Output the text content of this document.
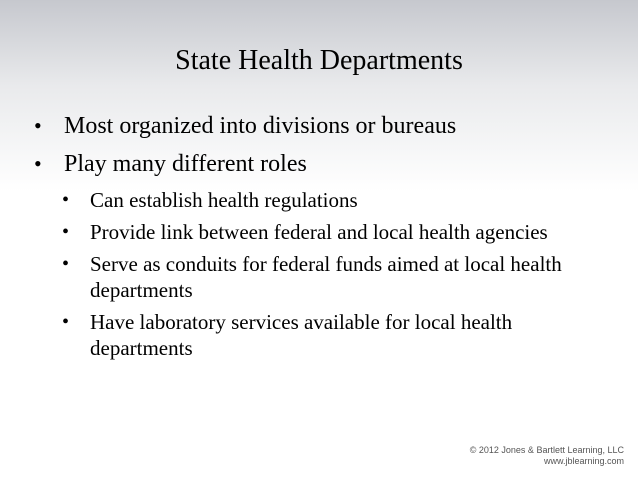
State Health Departments
• Most organized into divisions or bureaus
• Play many different roles
• Can establish health regulations
• Provide link between federal and local health agencies
• Serve as conduits for federal funds aimed at local health departments
• Have laboratory services available for local health departments
© 2012 Jones & Bartlett Learning, LLC
www.jblearning.com
